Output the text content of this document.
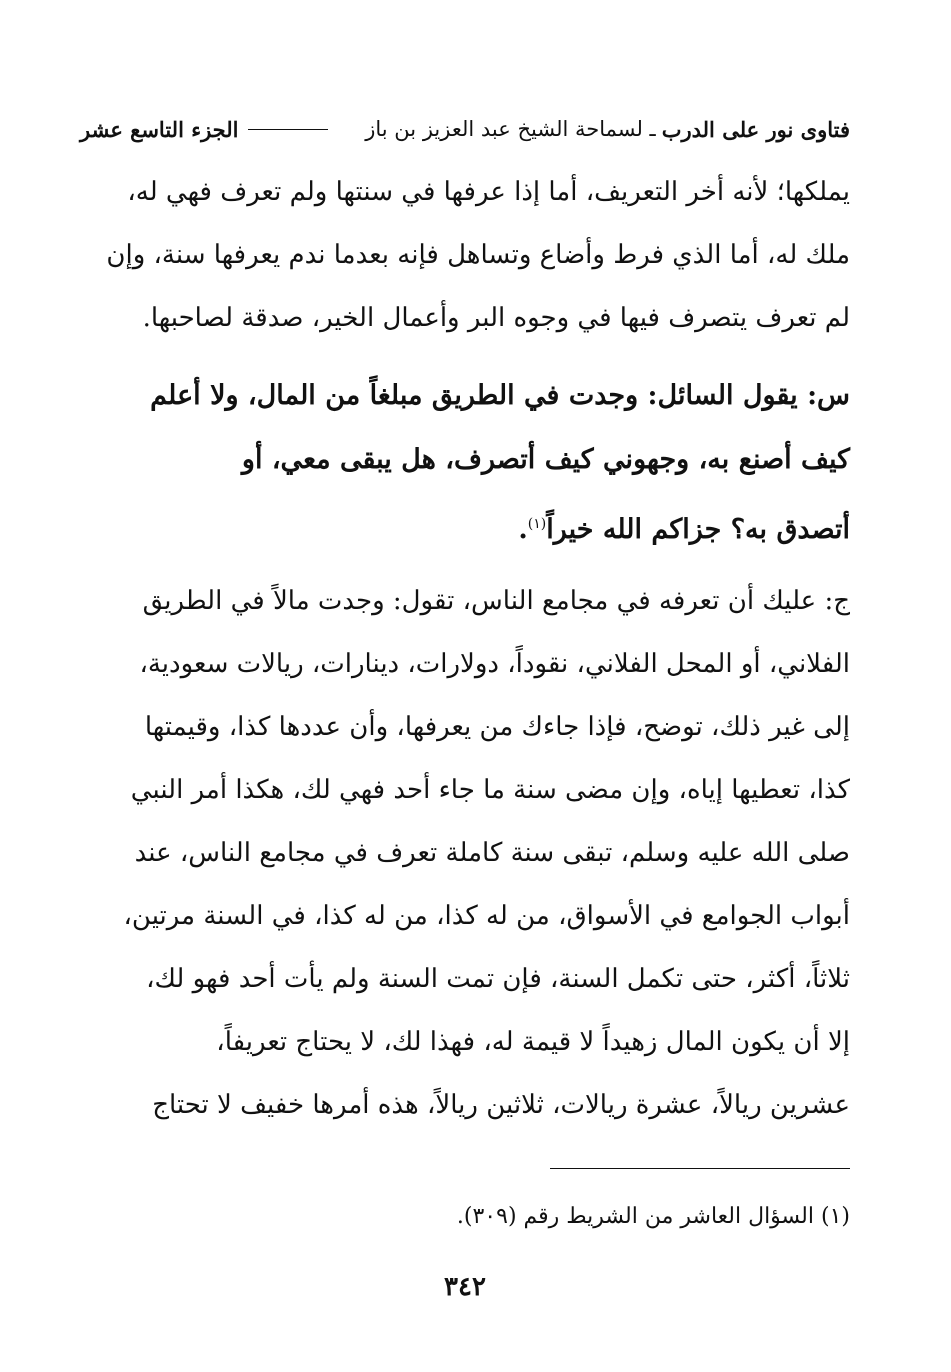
فتاوى نور على الدرب
ـ لسماحة الشيخ عبد العزيز بن باز
الجزء التاسع عشر

يملكها؛ لأنه أخر التعريف، أما إذا عرفها في سنتها ولم تعرف فهي له،
ملك له، أما الذي فرط وأضاع وتساهل فإنه بعدما ندم يعرفها سنة، وإن
لم تعرف يتصرف فيها في وجوه البر وأعمال الخير، صدقة لصاحبها.

س: يقول السائل: وجدت في الطريق مبلغاً من المال، ولا أعلم
كيف أصنع به، وجهوني كيف أتصرف، هل يبقى معي، أو
أتصدق به؟ جزاكم الله خيراً$^{(١)}$.

ج: عليك أن تعرفه في مجامع الناس، تقول: وجدت مالاً في الطريق
الفلاني، أو المحل الفلاني، نقوداً، دولارات، دينارات، ريالات سعودية،
إلى غير ذلك، توضح، فإذا جاءك من يعرفها، وأن عددها كذا، وقيمتها
كذا، تعطيها إياه، وإن مضى سنة ما جاء أحد فهي لك، هكذا أمر النبي
صلى الله عليه وسلم، تبقى سنة كاملة تعرف في مجامع الناس، عند
أبواب الجوامع في الأسواق، من له كذا، من له كذا، في السنة مرتين،
ثلاثاً، أكثر، حتى تكمل السنة، فإن تمت السنة ولم يأت أحد فهو لك،
إلا أن يكون المال زهيداً لا قيمة له، فهذا لك، لا يحتاج تعريفاً،
عشرين ريالاً، عشرة ريالات، ثلاثين ريالاً، هذه أمرها خفيف لا تحتاج

(١) السؤال العاشر من الشريط رقم (٣٠٩).
٣٤٢
